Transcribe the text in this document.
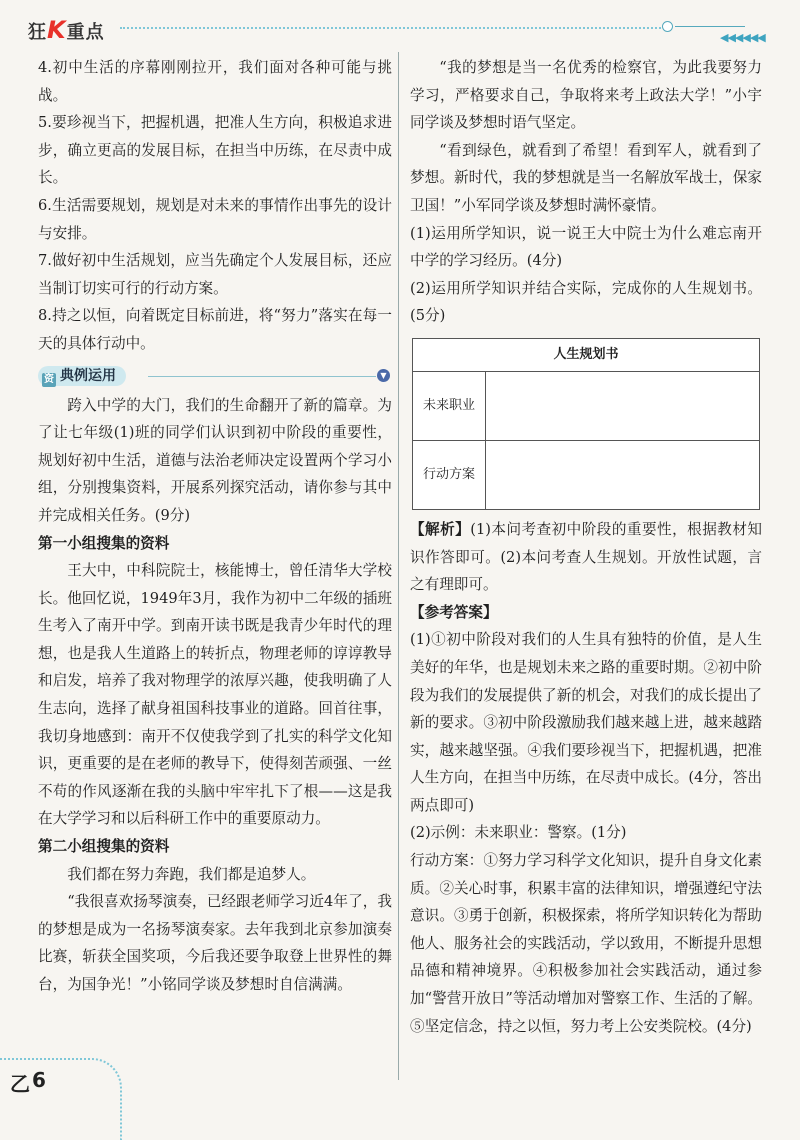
狂K重点	◀◀◀◀◀◀

4.初中生活的序幕刚刚拉开，我们面对各种可能与挑战。

5.要珍视当下，把握机遇，把准人生方向，积极追求进步，确立更高的发展目标，在担当中历练，在尽责中成长。

6.生活需要规划，规划是对未来的事情作出事先的设计与安排。

7.做好初中生活规划，应当先确定个人发展目标，还应当制订切实可行的行动方案。

8.持之以恒，向着既定目标前进，将“努力”落实在每一天的具体行动中。

资 典例运用	▼

跨入中学的大门，我们的生命翻开了新的篇章。为了让七年级(1)班的同学们认识到初中阶段的重要性，规划好初中生活，道德与法治老师决定设置两个学习小组，分别搜集资料，开展系列探究活动，请你参与其中并完成相关任务。(9分)

第一小组搜集的资料

王大中，中科院院士，核能博士，曾任清华大学校长。他回忆说，1949年3月，我作为初中二年级的插班生考入了南开中学。到南开读书既是我青少年时代的理想，也是我人生道路上的转折点，物理老师的谆谆教导和启发，培养了我对物理学的浓厚兴趣，使我明确了人生志向，选择了献身祖国科技事业的道路。回首往事，我切身地感到：南开不仅使我学到了扎实的科学文化知识，更重要的是在老师的教导下，使得刻苦顽强、一丝不苟的作风逐渐在我的头脑中牢牢扎下了根——这是我在大学学习和以后科研工作中的重要原动力。

第二小组搜集的资料

我们都在努力奔跑，我们都是追梦人。

“我很喜欢扬琴演奏，已经跟老师学习近4年了，我的梦想是成为一名扬琴演奏家。去年我到北京参加演奏比赛，斩获全国奖项，今后我还要争取登上世界性的舞台，为国争光！”小铭同学谈及梦想时自信满满。

“我的梦想是当一名优秀的检察官，为此我要努力学习，严格要求自己，争取将来考上政法大学！”小宇同学谈及梦想时语气坚定。

“看到绿色，就看到了希望！看到军人，就看到了梦想。新时代，我的梦想就是当一名解放军战士，保家卫国！”小军同学谈及梦想时满怀豪情。

(1)运用所学知识，说一说王大中院士为什么难忘南开中学的学习经历。(4分)

(2)运用所学知识并结合实际，完成你的人生规划书。(5分)

人生规划书	
未来职业	
行动方案	

【解析】(1)本问考查初中阶段的重要性，根据教材知识作答即可。(2)本问考查人生规划。开放性试题，言之有理即可。

【参考答案】

(1)①初中阶段对我们的人生具有独特的价值，是人生美好的年华，也是规划未来之路的重要时期。②初中阶段为我们的发展提供了新的机会，对我们的成长提出了新的要求。③初中阶段激励我们越来越上进，越来越踏实，越来越坚强。④我们要珍视当下，把握机遇，把准人生方向，在担当中历练，在尽责中成长。(4分，答出两点即可)

(2)示例：未来职业：警察。(1分)

行动方案：①努力学习科学文化知识，提升自身文化素质。②关心时事，积累丰富的法律知识，增强遵纪守法意识。③勇于创新，积极探索，将所学知识转化为帮助他人、服务社会的实践活动，学以致用，不断提升思想品德和精神境界。④积极参加社会实践活动，通过参加“警营开放日”等活动增加对警察工作、生活的了解。⑤坚定信念，持之以恒，努力考上公安类院校。(4分)

乙 6
